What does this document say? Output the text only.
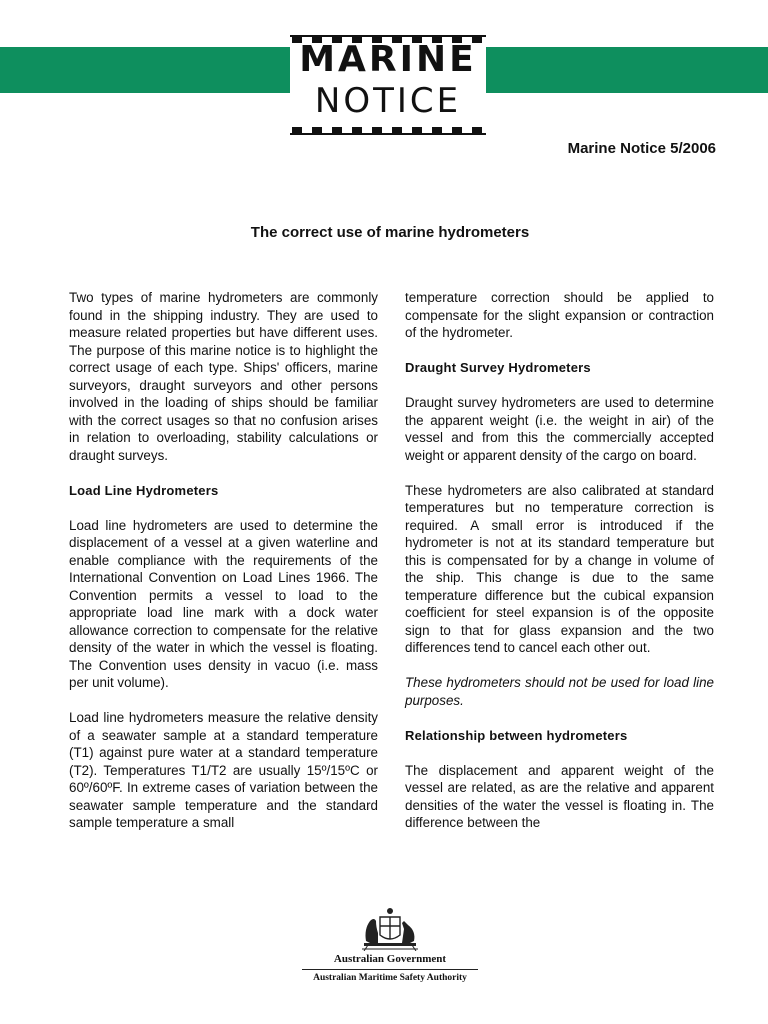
MARINE
NOTICE
Marine Notice 5/2006
The correct use of marine hydrometers

Two types of marine hydrometers are commonly found in the shipping industry. They are used to measure related properties but have different uses. The purpose of this marine notice is to highlight the correct usage of each type. Ships' officers, marine surveyors, draught surveyors and other persons involved in the loading of ships should be familiar with the correct usages so that no confusion arises in relation to overloading, stability calculations or draught surveys.

Load Line Hydrometers

Load line hydrometers are used to determine the displacement of a vessel at a given waterline and enable compliance with the requirements of the International Convention on Load Lines 1966. The Convention permits a vessel to load to the appropriate load line mark with a dock water allowance correction to compensate for the relative density of the water in which the vessel is floating. The Convention uses density in vacuo (i.e. mass per unit volume).

Load line hydrometers measure the relative density of a seawater sample at a standard temperature (T1) against pure water at a standard temperature (T2). Temperatures T1/T2 are usually 15º/15ºC or 60º/60ºF. In extreme cases of variation between the seawater sample temperature and the standard sample temperature a small

temperature correction should be applied to compensate for the slight expansion or contraction of the hydrometer.

Draught Survey Hydrometers

Draught survey hydrometers are used to determine the apparent weight (i.e. the weight in air) of the vessel and from this the commercially accepted weight or apparent density of the cargo on board.

These hydrometers are also calibrated at standard temperatures but no temperature correction is required. A small error is introduced if the hydrometer is not at its standard temperature but this is compensated for by a change in volume of the ship. This change is due to the same temperature difference but the cubical expansion coefficient for steel expansion is of the opposite sign to that for glass expansion and the two differences tend to cancel each other out.

These hydrometers should not be used for load line purposes.

Relationship between hydrometers

The displacement and apparent weight of the vessel are related, as are the relative and apparent densities of the water the vessel is floating in. The difference between the

Australian Government
Australian Maritime Safety Authority
